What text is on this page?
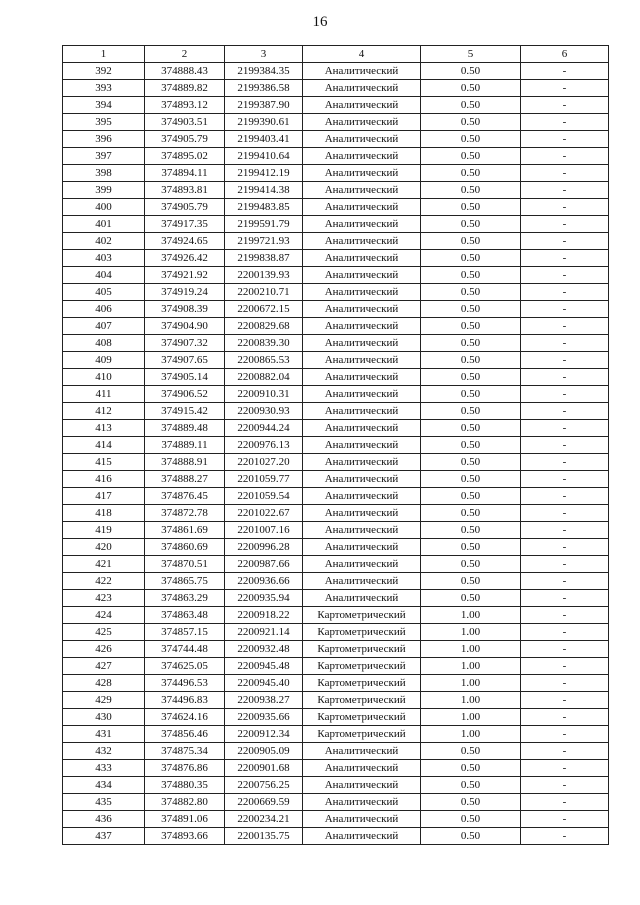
16
1	2	3	4	5	6
392	374888.43	2199384.35	Аналитический	0.50	-
393	374889.82	2199386.58	Аналитический	0.50	-
394	374893.12	2199387.90	Аналитический	0.50	-
395	374903.51	2199390.61	Аналитический	0.50	-
396	374905.79	2199403.41	Аналитический	0.50	-
397	374895.02	2199410.64	Аналитический	0.50	-
398	374894.11	2199412.19	Аналитический	0.50	-
399	374893.81	2199414.38	Аналитический	0.50	-
400	374905.79	2199483.85	Аналитический	0.50	-
401	374917.35	2199591.79	Аналитический	0.50	-
402	374924.65	2199721.93	Аналитический	0.50	-
403	374926.42	2199838.87	Аналитический	0.50	-
404	374921.92	2200139.93	Аналитический	0.50	-
405	374919.24	2200210.71	Аналитический	0.50	-
406	374908.39	2200672.15	Аналитический	0.50	-
407	374904.90	2200829.68	Аналитический	0.50	-
408	374907.32	2200839.30	Аналитический	0.50	-
409	374907.65	2200865.53	Аналитический	0.50	-
410	374905.14	2200882.04	Аналитический	0.50	-
411	374906.52	2200910.31	Аналитический	0.50	-
412	374915.42	2200930.93	Аналитический	0.50	-
413	374889.48	2200944.24	Аналитический	0.50	-
414	374889.11	2200976.13	Аналитический	0.50	-
415	374888.91	2201027.20	Аналитический	0.50	-
416	374888.27	2201059.77	Аналитический	0.50	-
417	374876.45	2201059.54	Аналитический	0.50	-
418	374872.78	2201022.67	Аналитический	0.50	-
419	374861.69	2201007.16	Аналитический	0.50	-
420	374860.69	2200996.28	Аналитический	0.50	-
421	374870.51	2200987.66	Аналитический	0.50	-
422	374865.75	2200936.66	Аналитический	0.50	-
423	374863.29	2200935.94	Аналитический	0.50	-
424	374863.48	2200918.22	Картометрический	1.00	-
425	374857.15	2200921.14	Картометрический	1.00	-
426	374744.48	2200932.48	Картометрический	1.00	-
427	374625.05	2200945.48	Картометрический	1.00	-
428	374496.53	2200945.40	Картометрический	1.00	-
429	374496.83	2200938.27	Картометрический	1.00	-
430	374624.16	2200935.66	Картометрический	1.00	-
431	374856.46	2200912.34	Картометрический	1.00	-
432	374875.34	2200905.09	Аналитический	0.50	-
433	374876.86	2200901.68	Аналитический	0.50	-
434	374880.35	2200756.25	Аналитический	0.50	-
435	374882.80	2200669.59	Аналитический	0.50	-
436	374891.06	2200234.21	Аналитический	0.50	-
437	374893.66	2200135.75	Аналитический	0.50	-
